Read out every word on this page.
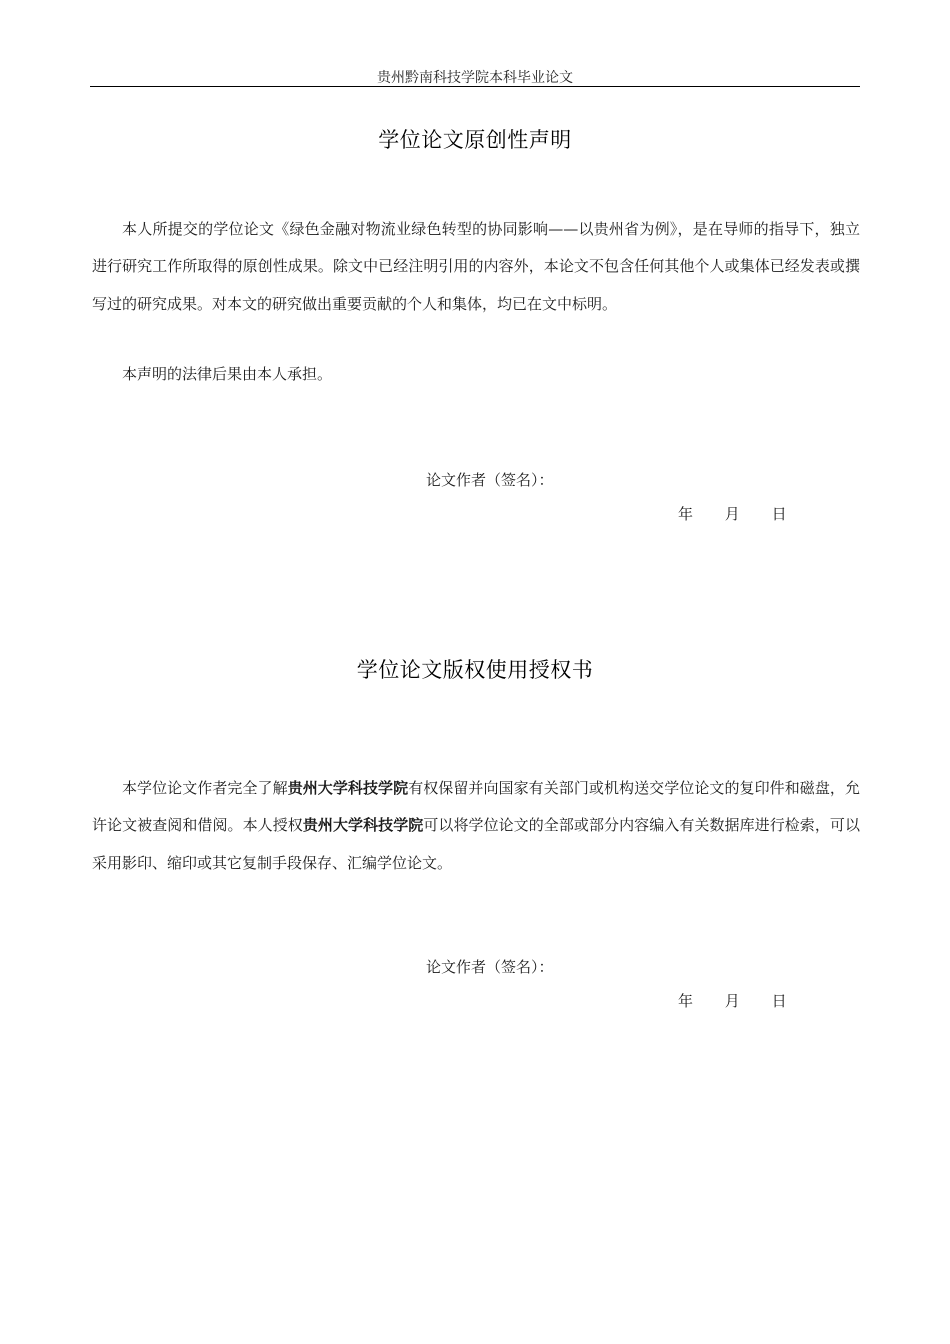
贵州黔南科技学院本科毕业论文
学位论文原创性声明

本人所提交的学位论文《绿色金融对物流业绿色转型的协同影响——以贵州省为例》，是在导师的指导下，独立进行研究工作所取得的原创性成果。除文中已经注明引用的内容外，本论文不包含任何其他个人或集体已经发表或撰写过的研究成果。对本文的研究做出重要贡献的个人和集体，均已在文中标明。

本声明的法律后果由本人承担。

论文作者（签名）：
年 月 日
学位论文版权使用授权书

本学位论文作者完全了解贵州大学科技学院有权保留并向国家有关部门或机构送交学位论文的复印件和磁盘，允许论文被查阅和借阅。本人授权贵州大学科技学院可以将学位论文的全部或部分内容编入有关数据库进行检索，可以采用影印、缩印或其它复制手段保存、汇编学位论文。

论文作者（签名）：
年 月 日
